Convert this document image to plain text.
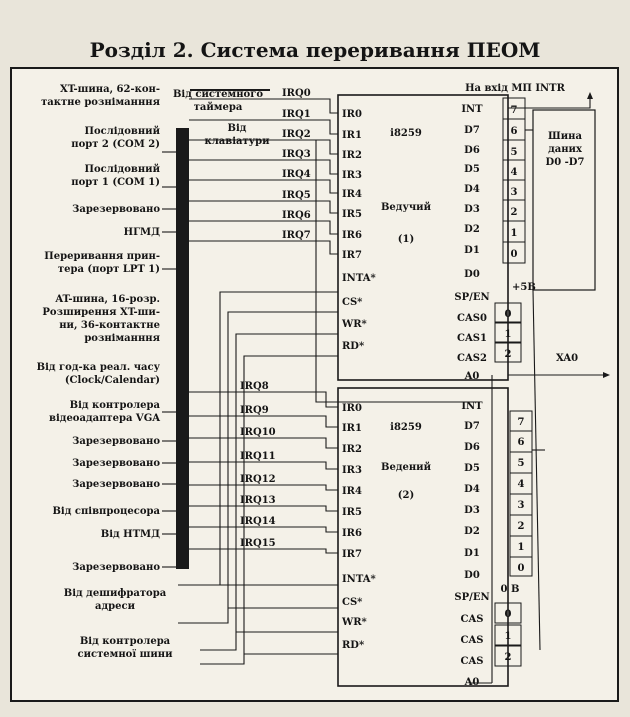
Розділ 2. Система переривання ПЕОМ
XT-шина, 62-кон-
тактне розніманння
Послідовний
порт 2 (COM 2)
Послідовний
порт 1 (COM 1)
Зарезервовано
НГМД
Переривання прин-
тера (порт LPT 1)
AT-шина, 16-розр.
Розширення XT-ши-
ни, 36-контактне
розніманння
Від год-ка реал. часу
(Clock/Calendar)
Від контролера
відеоадаптера VGA
Зарезервовано
Зарезервовано
Зарезервовано
Від співпроцесора
Від НТМД
Зарезервовано
Від системного
таймера
Від
клавіатури
Від дешифратора
адреси
Від контролера
системної шини
IRQ0
IRQ1
IRQ2
IRQ3
IRQ4
IRQ5
IRQ6
IRQ7
IRQ8
IRQ9
IRQ10
IRQ11
IRQ12
IRQ13
IRQ14
IRQ15
IR0
IR1
IR2
IR3
IR4
IR5
IR6
IR7
INTA*
CS*
WR*
RD*
INT
D7
D6
D5
D4
D3
D2
D1
D0
SP/EN
CAS0
CAS1
CAS2
A0
i8259
Ведучий
(1)
IR0
IR1
IR2
IR3
IR4
IR5
IR6
IR7
INTA*
CS*
WR*
RD*
INT
D7
D6
D5
D4
D3
D2
D1
D0
SP/EN
CAS
CAS
CAS
A0
i8259
Ведений
(2)
7
6
5
4
3
2
1
0
0
1
2
+5В
7
6
5
4
3
2
1
0
0
1
2
0 В
На вхід МП INTR
Шина
даних
D0 -D7
XA0
